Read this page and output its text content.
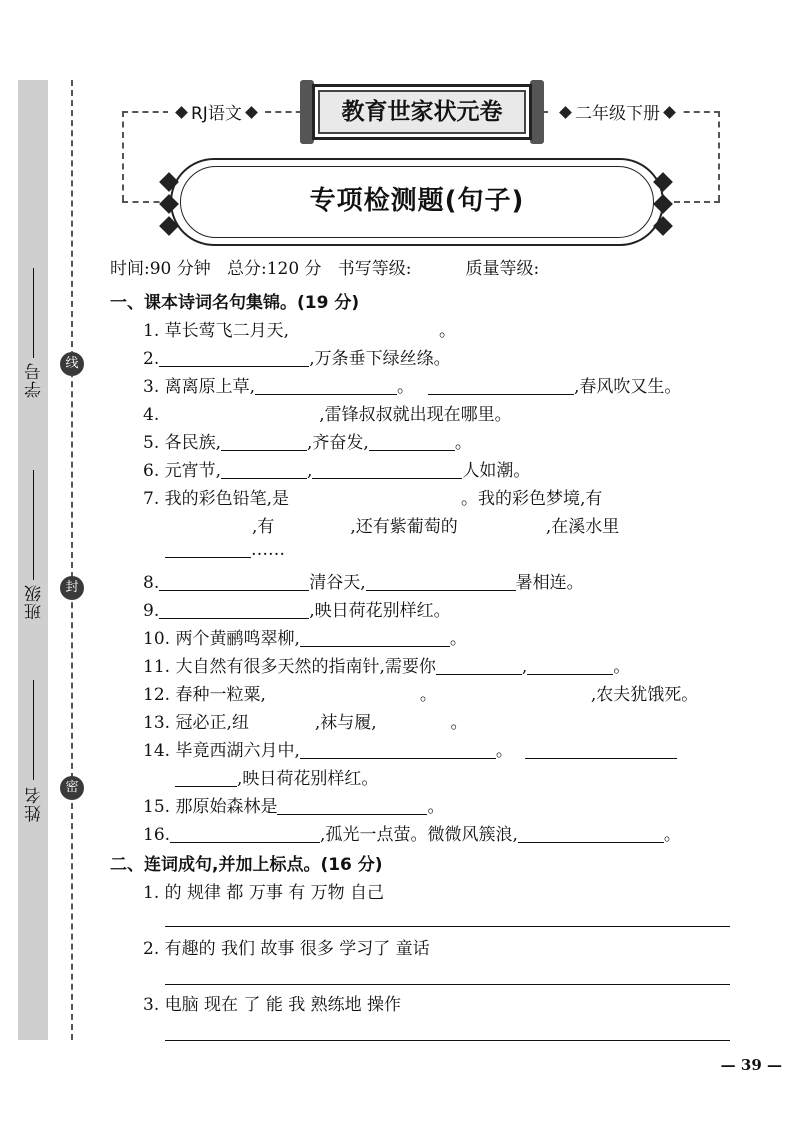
线
封
密
学号
班级
姓名
RJ语文	二年级下册
教育世家状元卷
专项检测题(句子)
时间:90 分钟   总分:120 分   书写等级:          质量等级:
一、课本诗词名句集锦。(19 分)
1. 草长莺飞二月天,	。
2.	,万条垂下绿丝绦。
3. 离离原上草,	。	,春风吹又生。
4.	,雷锋叔叔就出现在哪里。
5. 各民族,	,齐奋发,	。
6. 元宵节,	,	人如潮。
7. 我的彩色铅笔,是	。我的彩色梦境,有
,有	,还有紫葡萄的	,在溪水里
……
8.	清谷天,	暑相连。
9.	,映日荷花别样红。
10. 两个黄鹂鸣翠柳,	。
11. 大自然有很多天然的指南针,需要你	,	。
12. 春种一粒粟,	。	,农夫犹饿死。
13. 冠必正,纽	,袜与履,	。
14. 毕竟西湖六月中,	。
,映日荷花别样红。
15. 那原始森林是	。
16.	,孤光一点萤。微微风簇浪,	。
二、连词成句,并加上标点。(16 分)
1. 的 规律 都 万事 有 万物 自己
2. 有趣的 我们 故事 很多 学习了 童话
3. 电脑 现在 了 能 我 熟练地 操作
— 39 —
